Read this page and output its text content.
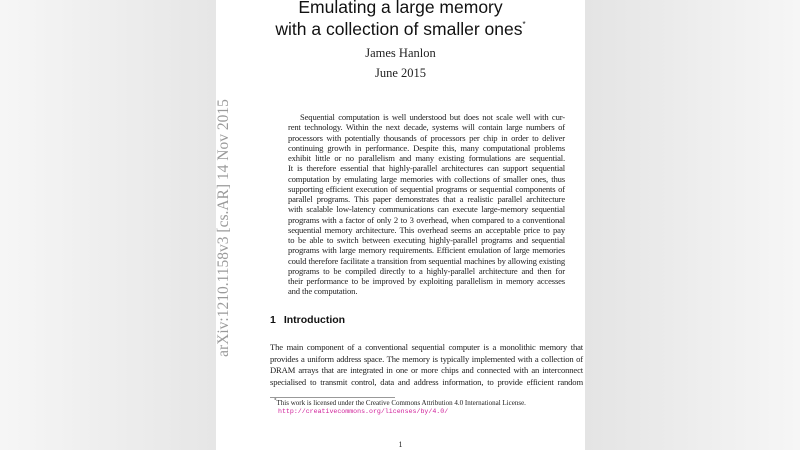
Emulating a large memory
with a collection of smaller ones*
James Hanlon
June 2015
arXiv:1210.1158v3 [cs.AR] 14 Nov 2015	Sequential computation is well understood but does not scale well with cur-
rent technology. Within the next decade, systems will contain large numbers of
processors with potentially thousands of processors per chip in order to deliver
continuing growth in performance. Despite this, many computational problems
exhibit little or no parallelism and many existing formulations are sequential.
It is therefore essential that highly-parallel architectures can support sequential
computation by emulating large memories with collections of smaller ones, thus
supporting efficient execution of sequential programs or sequential components of
parallel programs. This paper demonstrates that a realistic parallel architecture
with scalable low-latency communications can execute large-memory sequential
programs with a factor of only 2 to 3 overhead, when compared to a conventional
sequential memory architecture. This overhead seems an acceptable price to pay
to be able to switch between executing highly-parallel programs and sequential
programs with large memory requirements. Efficient emulation of large memories
could therefore facilitate a transition from sequential machines by allowing existing
programs to be compiled directly to a highly-parallel architecture and then for
their performance to be improved by exploiting parallelism in memory accesses
and the computation.
1 Introduction
The main component of a conventional sequential computer is a monolithic memory that
provides a uniform address space. The memory is typically implemented with a collection of
DRAM arrays that are integrated in one or more chips and connected with an interconnect
specialised to transmit control, data and address information, to provide efficient random
*This work is licensed under the Creative Commons Attribution 4.0 International License.
http://creativecommons.org/licenses/by/4.0/
1
